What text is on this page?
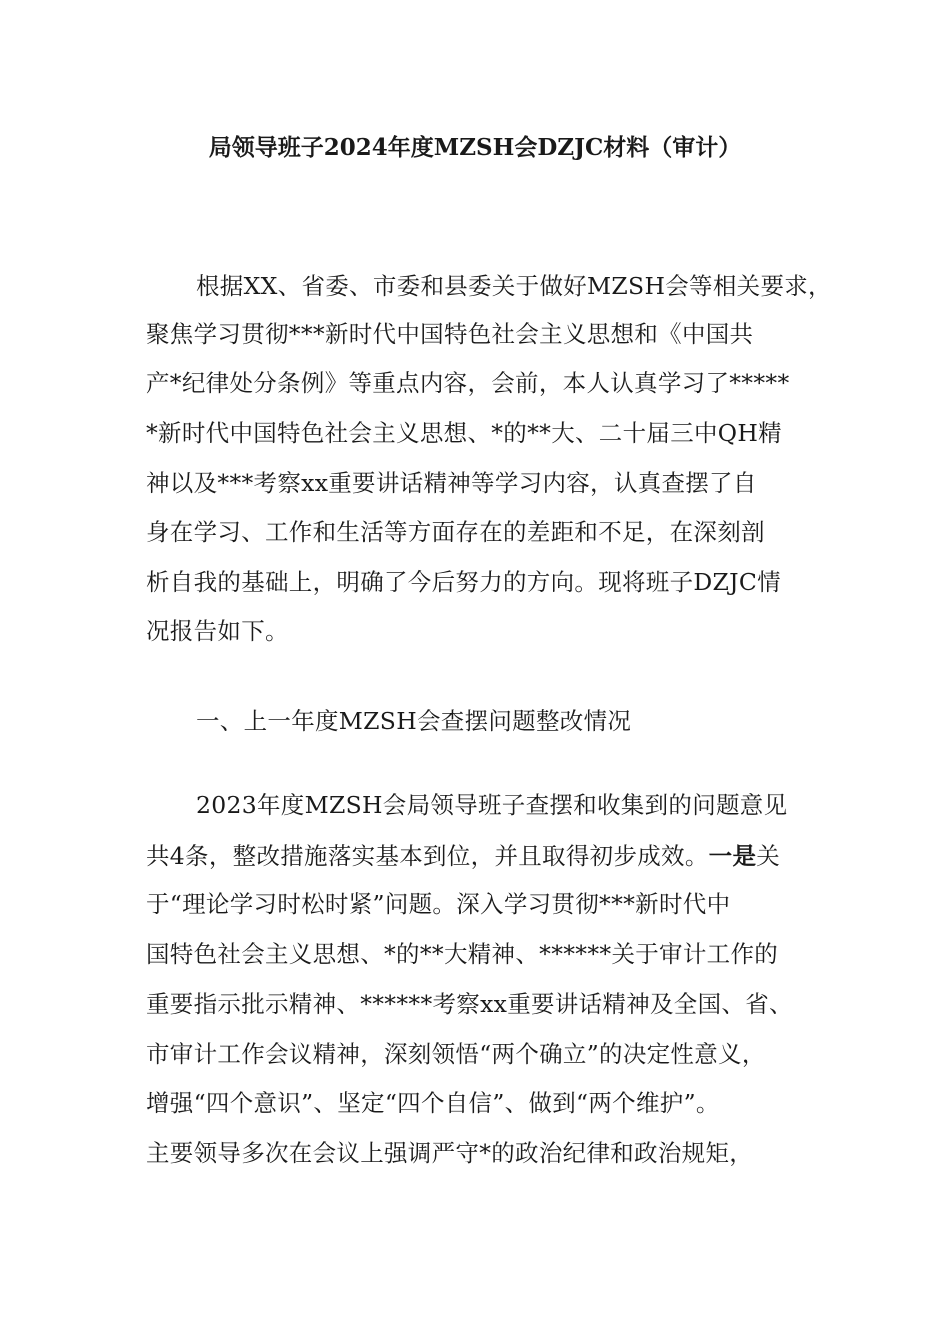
局领导班子2024年度MZSH会DZJC材料（审计）
根据XX、省委、市委和县委关于做好MZSH会等相关要求，
聚焦学习贯彻***新时代中国特色社会主义思想和《中国共
产*纪律处分条例》等重点内容，会前，本人认真学习了*****
*新时代中国特色社会主义思想、*的**大、二十届三中QH精
神以及***考察xx重要讲话精神等学习内容，认真查摆了自
身在学习、工作和生活等方面存在的差距和不足，在深刻剖
析自我的基础上，明确了今后努力的方向。现将班子DZJC情
况报告如下。
一、上一年度MZSH会查摆问题整改情况
2023年度MZSH会局领导班子查摆和收集到的问题意见
共4条，整改措施落实基本到位，并且取得初步成效。一是关
于“理论学习时松时紧”问题。深入学习贯彻***新时代中
国特色社会主义思想、*的**大精神、******关于审计工作的
重要指示批示精神、******考察xx重要讲话精神及全国、省、
市审计工作会议精神，深刻领悟“两个确立”的决定性意义，
增强“四个意识”、坚定“四个自信”、做到“两个维护”。
主要领导多次在会议上强调严守*的政治纪律和政治规矩，
